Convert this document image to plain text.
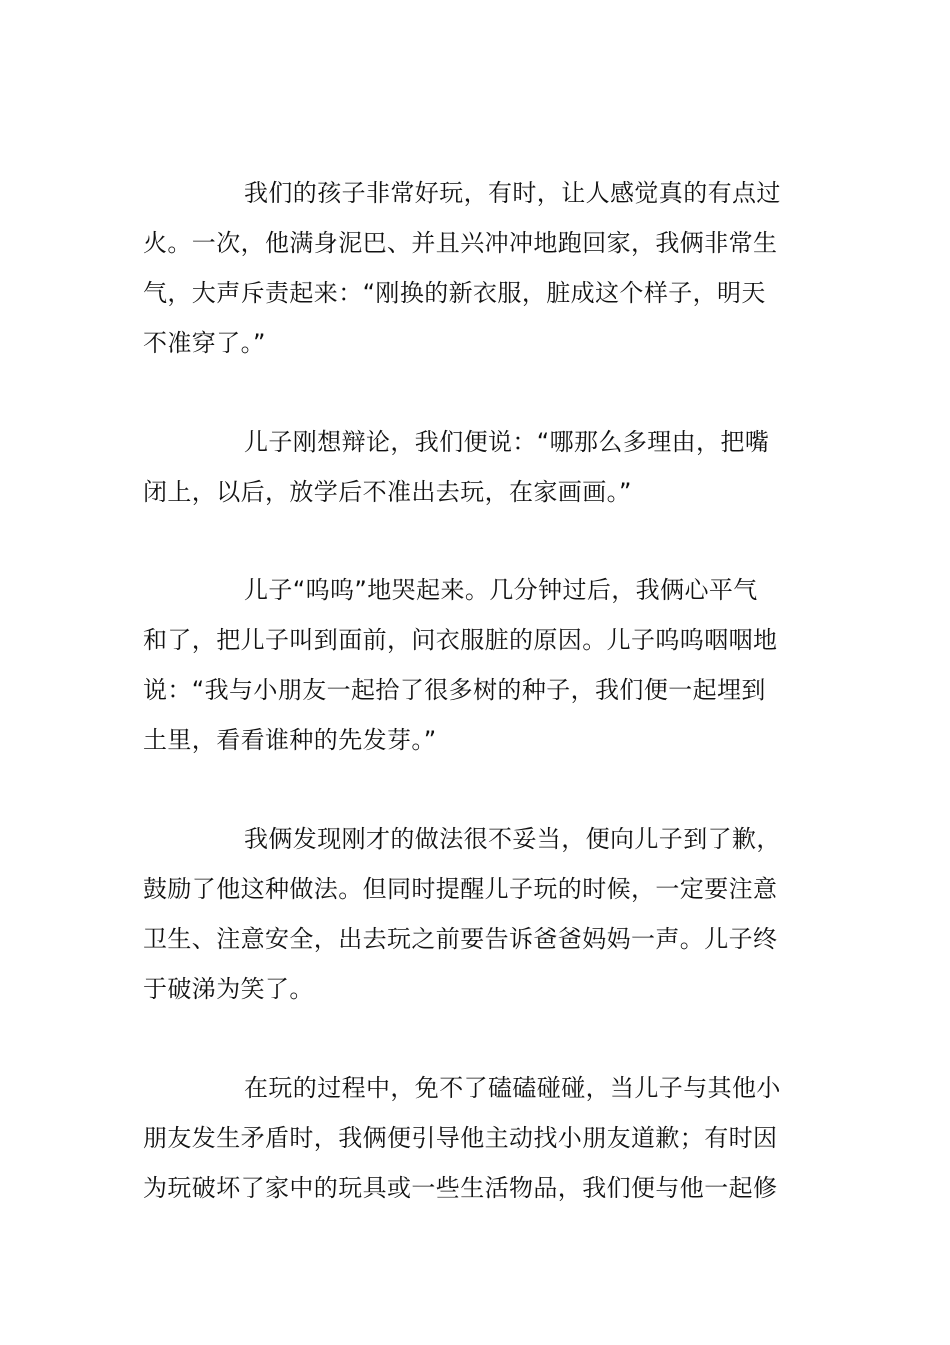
我们的孩子非常好玩，有时，让人感觉真的有点过
火。一次，他满身泥巴、并且兴冲冲地跑回家，我俩非常生
气，大声斥责起来：“刚换的新衣服，脏成这个样子，明天
不准穿了。”
儿子刚想辩论，我们便说：“哪那么多理由，把嘴
闭上，以后，放学后不准出去玩，在家画画。”
儿子“呜呜”地哭起来。几分钟过后，我俩心平气
和了，把儿子叫到面前，问衣服脏的原因。儿子呜呜咽咽地
说：“我与小朋友一起拾了很多树的种子，我们便一起埋到
土里，看看谁种的先发芽。”
我俩发现刚才的做法很不妥当，便向儿子到了歉，
鼓励了他这种做法。但同时提醒儿子玩的时候，一定要注意
卫生、注意安全，出去玩之前要告诉爸爸妈妈一声。儿子终
于破涕为笑了。
在玩的过程中，免不了磕磕碰碰，当儿子与其他小
朋友发生矛盾时，我俩便引导他主动找小朋友道歉；有时因
为玩破坏了家中的玩具或一些生活物品，我们便与他一起修
